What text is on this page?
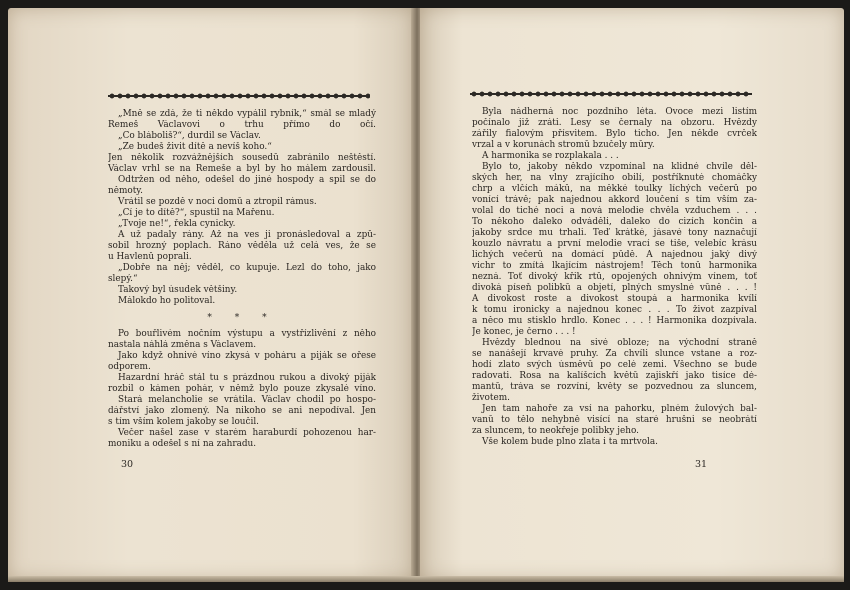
„Mně se zdá, že ti někdo vypálil rybník,“ smál se mladý
Remeš Václavovi o trhu přímo do očí.
„Co bláboliš?“, durdil se Václav.
„Že budeš živit dítě a nevíš koho.“
Jen několik rozvážnějších sousedů zabránilo neštěstí.
Václav vrhl se na Remeše a byl by ho málem zardousil.
Odtržen od něho, odešel do jiné hospody a spil se do
němoty.
Vrátil se pozdě v noci domů a ztropil rámus.
„Čí je to dítě?“, spustil na Mařenu.
„Tvoje ne!“, řekla cynicky.
A už padaly rány. Až na ves ji pronásledoval a způ-
sobil hrozný poplach. Ráno věděla už celá ves, že se
u Havlenů poprali.
„Dobře na něj; věděl, co kupuje. Lezl do toho, jako
slepý.“
Takový byl úsudek většiny.
Málokdo ho politoval.
* * *
Po bouřlivém nočním výstupu a vystřízlivění z něho
nastala náhlá změna s Václavem.
Jako když ohnivé víno zkysá v poháru a piják se ořese
odporem.
Hazardní hráč stál tu s prázdnou rukou a divoký piják
rozbil o kámen pohár, v němž bylo pouze zkysalé víno.
Stará melancholie se vrátila. Václav chodil po hospo-
dářství jako zlomený. Na nikoho se ani nepodíval. Jen
s tím vším kolem jakoby se loučil.
Večer našel zase v starém haraburdí pohozenou har-
moniku a odešel s ní na zahradu.
30
Byla nádherná noc pozdního léta. Ovoce mezi listím
počínalo již zráti. Lesy se černaly na obzoru. Hvězdy
zářily fialovým přísvitem. Bylo ticho. Jen někde cvrček
vrzal a v korunách stromů bzučely můry.
A harmonika se rozplakala . . .
Bylo to, jakoby někdo vzpomínal na klidné chvíle děl-
ských her, na vlny zrajícího obilí, postříknuté chomáčky
chrp a vlčích máků, na měkké toulky líchých večerů po
vonící trávě; pak najednou akkord loučení s tím vším za-
volal do tiché noci a nová melodie chvěla vzduchem . . .
To někoho daleko odváděli, daleko do cizích končin a
jakoby srdce mu trhali. Teď krátké, jásavé tony naznačují
kouzlo návratu a první melodie vrací se tiše, velebíc krásu
lichých večerů na domácí půdě. A najednou jaký divý
vichr to zmítá lkajícím nástrojem! Těch tonů harmonika
nezná. Toť divoký křik rtů, opojených ohnivým vínem, toť
divoká píseň polibků a objetí, plných smyslné vůně . . . !
A divokost roste a divokost stoupá a harmonika kvílí
k tomu ironicky a najednou konec . . . To život zazpíval
a něco mu stisklo hrdlo. Konec . . . ! Harmonika dozpívala.
Je konec, je černo . . . !
Hvězdy blednou na sivé obloze; na východní straně
se nanášejí krvavé pruhy. Za chvíli slunce vstane a roz-
hodí zlato svých úsměvů po celé zemi. Všechno se bude
radovati. Rosa na kalíšcích květů zajiskří jako tisíce dé-
mantů, tráva se rozvíní, květy se pozvednou za sluncem,
životem.
Jen tam nahoře za vsí na pahorku, plném žulových bal-
vanů to tělo nehybně visící na staré hrušni se neobrátí
za sluncem, to neokřeje polibky jeho.
Vše kolem bude plno zlata i ta mrtvola.
31
